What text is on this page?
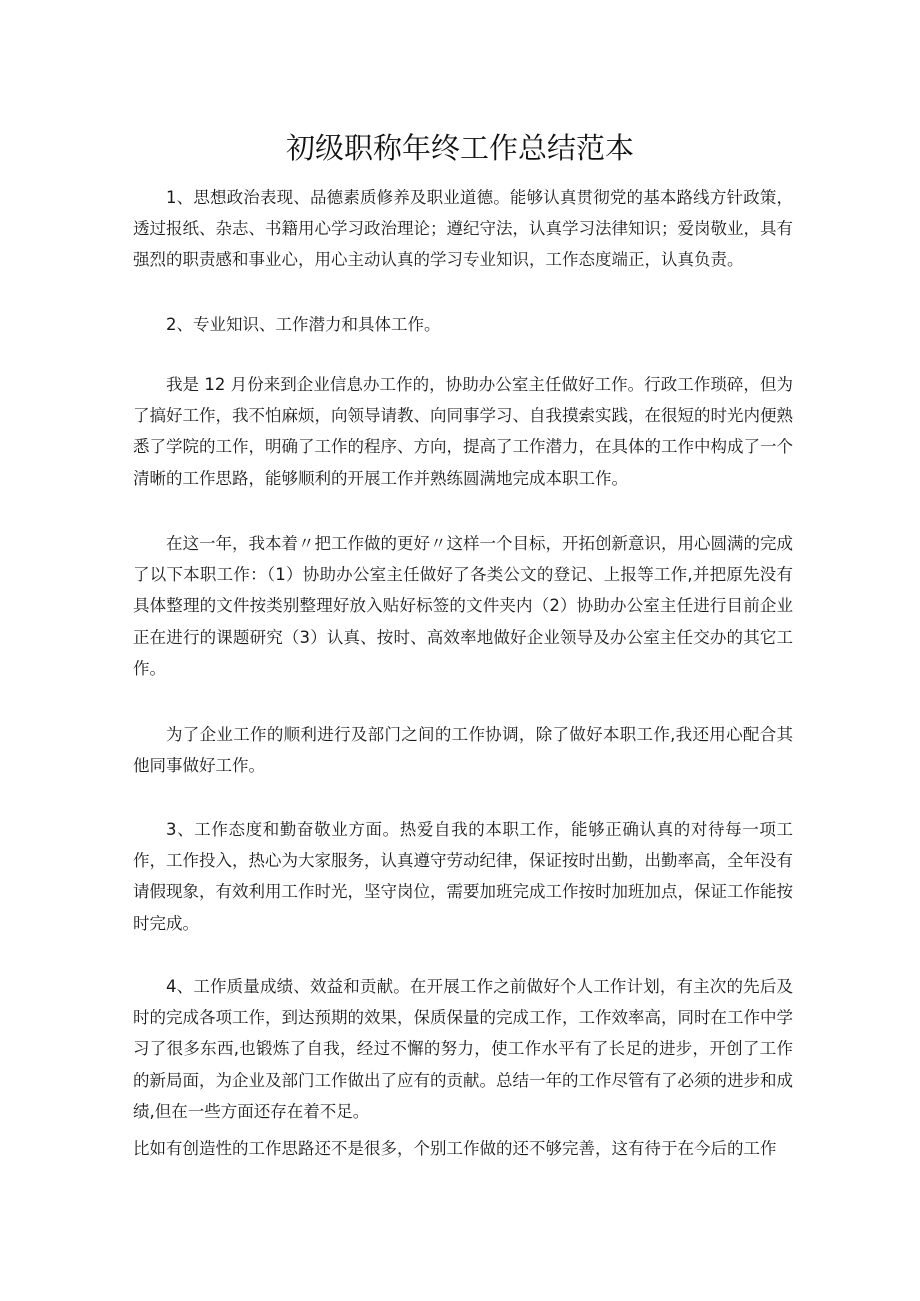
初级职称年终工作总结范本

1、思想政治表现、品德素质修养及职业道德。能够认真贯彻党的基本路线方针政策，透过报纸、杂志、书籍用心学习政治理论；遵纪守法，认真学习法律知识；爱岗敬业，具有强烈的职责感和事业心，用心主动认真的学习专业知识，工作态度端正，认真负责。

2、专业知识、工作潜力和具体工作。

我是 12 月份来到企业信息办工作的，协助办公室主任做好工作。行政工作琐碎，但为了搞好工作，我不怕麻烦，向领导请教、向同事学习、自我摸索实践，在很短的时光内便熟悉了学院的工作，明确了工作的程序、方向，提高了工作潜力，在具体的工作中构成了一个清晰的工作思路，能够顺利的开展工作并熟练圆满地完成本职工作。

在这一年，我本着〃把工作做的更好〃这样一个目标，开拓创新意识，用心圆满的完成了以下本职工作：（1）协助办公室主任做好了各类公文的登记、上报等工作,并把原先没有具体整理的文件按类别整理好放入贴好标签的文件夹内（2）协助办公室主任进行目前企业正在进行的课题研究（3）认真、按时、高效率地做好企业领导及办公室主任交办的其它工作。

为了企业工作的顺利进行及部门之间的工作协调，除了做好本职工作,我还用心配合其他同事做好工作。

3、工作态度和勤奋敬业方面。热爱自我的本职工作，能够正确认真的对待每一项工作，工作投入，热心为大家服务，认真遵守劳动纪律，保证按时出勤，出勤率高，全年没有请假现象，有效利用工作时光，坚守岗位，需要加班完成工作按时加班加点，保证工作能按时完成。

4、工作质量成绩、效益和贡献。在开展工作之前做好个人工作计划，有主次的先后及时的完成各项工作，到达预期的效果，保质保量的完成工作，工作效率高，同时在工作中学习了很多东西,也锻炼了自我，经过不懈的努力，使工作水平有了长足的进步，开创了工作的新局面，为企业及部门工作做出了应有的贡献。总结一年的工作尽管有了必须的进步和成绩,但在一些方面还存在着不足。

比如有创造性的工作思路还不是很多，个别工作做的还不够完善，这有待于在今后的工作
